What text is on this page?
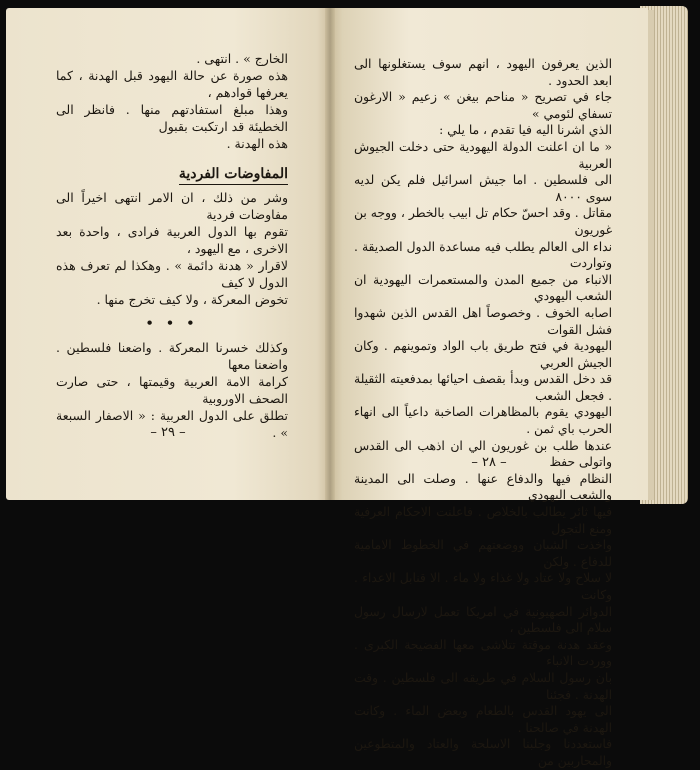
الخارج » . انتهى .

هذه صورة عن حالة اليهود قبل الهدنة ، كما يعرفها قوادهم ،

وهذا مبلغ استفادتهم منها . فانظر الى الخطيئة قد ارتكبت بقبول

هذه الهدنة .

المفاوضات الفردية

وشر من ذلك ، ان الامر انتهى اخيراً الى مفاوضات فردية

تقوم بها الدول العربية فرادى ، واحدة بعد الاخرى ، مع اليهود ،

لاقرار « هدنة دائمة » . وهكذا لم تعرف هذه الدول لا كيف

تخوض المعركة ، ولا كيف تخرج منها .

• • •

وكذلك خسرنا المعركة . واضعنا فلسطين . واضعنا معها

كرامة الامة العربية وقيمتها ، حتى صارت الصحف الاوروبية

تطلق على الدول العربية : « الاصفار السبعة » .

– ٢٩ –

الذين يعرفون اليهود ، انهم سوف يستغلونها الى ابعد الحدود .

جاء في تصريح « مناحم بيغن » زعيم « الارغون تسفاي لئومي »

الذي اشرنا اليه فيا تقدم ، ما يلي :

« ما ان اعلنت الدولة اليهودية حتى دخلت الجيوش العربية

الى فلسطين . اما جيش اسرائيل فلم يكن لديه سوى ٨٠٠٠

مقاتل . وقد احسّ حكام تل ابيب بالخطر ، ووجه بن غوريون

نداء الى العالم يطلب فيه مساعدة الدول الصديقة . وتواردت

الانباء من جميع المدن والمستعمرات اليهودية ان الشعب اليهودي

اصابه الخوف . وخصوصاً اهل القدس الذين شهدوا فشل القوات

اليهودية في فتح طريق باب الواد وتموينهم . وكان الجيش العربي

قد دخل القدس وبدأ بقصف احيائها بمدفعيته الثقيلة . فجعل الشعب

اليهودي يقوم بالمظاهرات الصاخبة داعياً الى انهاء الحرب باي ثمن .

عندها طلب بن غوريون الي ان اذهب الى القدس واتولى حفظ

النظام فيها والدفاع عنها . وصلت الى المدينة والشعب اليهودي

فيها ثائر يطالب بالخلاص . فاعلنت الاحكام العرفية ومنع التجول

واخذت الشبان ووضعتهم في الخطوط الامامية للدفاع . ولكن

لا سلاح ولا عتاد ولا غذاء ولا ماء . الا قنابل الاعداء . وكانت

الدوائر الصهيونية في امريكا تعمل لارسال رسول سلام الى فلسطين ،

وعقد هدنة موقتة تتلاشى معها الفضيحة الكبرى . ووردت الانباء

بان رسول السلام في طريقه الى فلسطين . وقت الهدنة . فجئنا

الى يهود القدس بالطعام وبعض الماء . وكانت الهدنة في صالحنا .

فاستعددنا وجلبنا الاسلحة والعتاد والمتطوعين والمحاربين من

– ٢٨ –
